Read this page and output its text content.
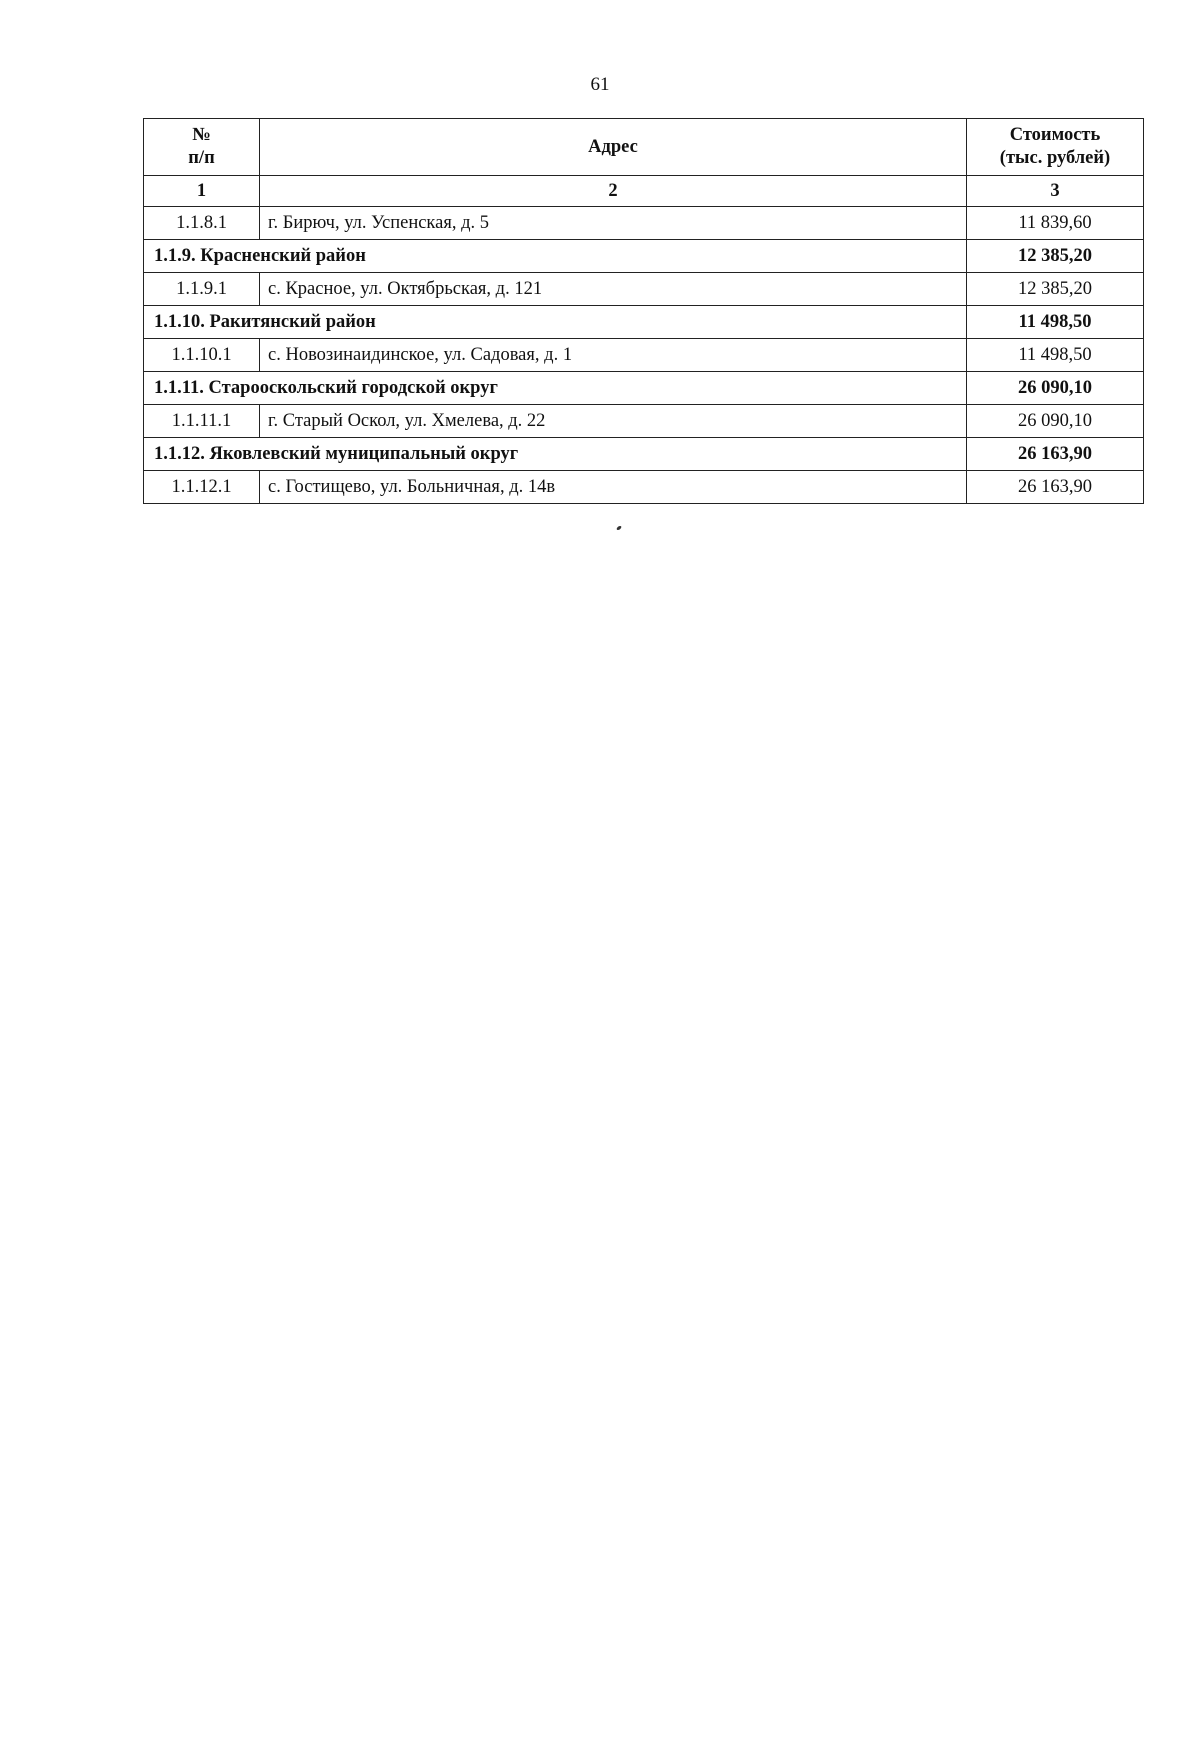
61
№
п/п	Адрес	Стоимость
(тыс. рублей)
1	2	3
1.1.8.1	г. Бирюч, ул. Успенская, д. 5	11 839,60
1.1.9. Красненский район		12 385,20
1.1.9.1	с. Красное, ул. Октябрьская, д. 121	12 385,20
1.1.10. Ракитянский район		11 498,50
1.1.10.1	с. Новозинаидинское, ул. Садовая, д. 1	11 498,50
1.1.11. Старооскольский городской округ		26 090,10
1.1.11.1	г. Старый Оскол, ул. Хмелева, д. 22	26 090,10
1.1.12. Яковлевский муниципальный округ		26 163,90
1.1.12.1	с. Гостищево, ул. Больничная, д. 14в	26 163,90
